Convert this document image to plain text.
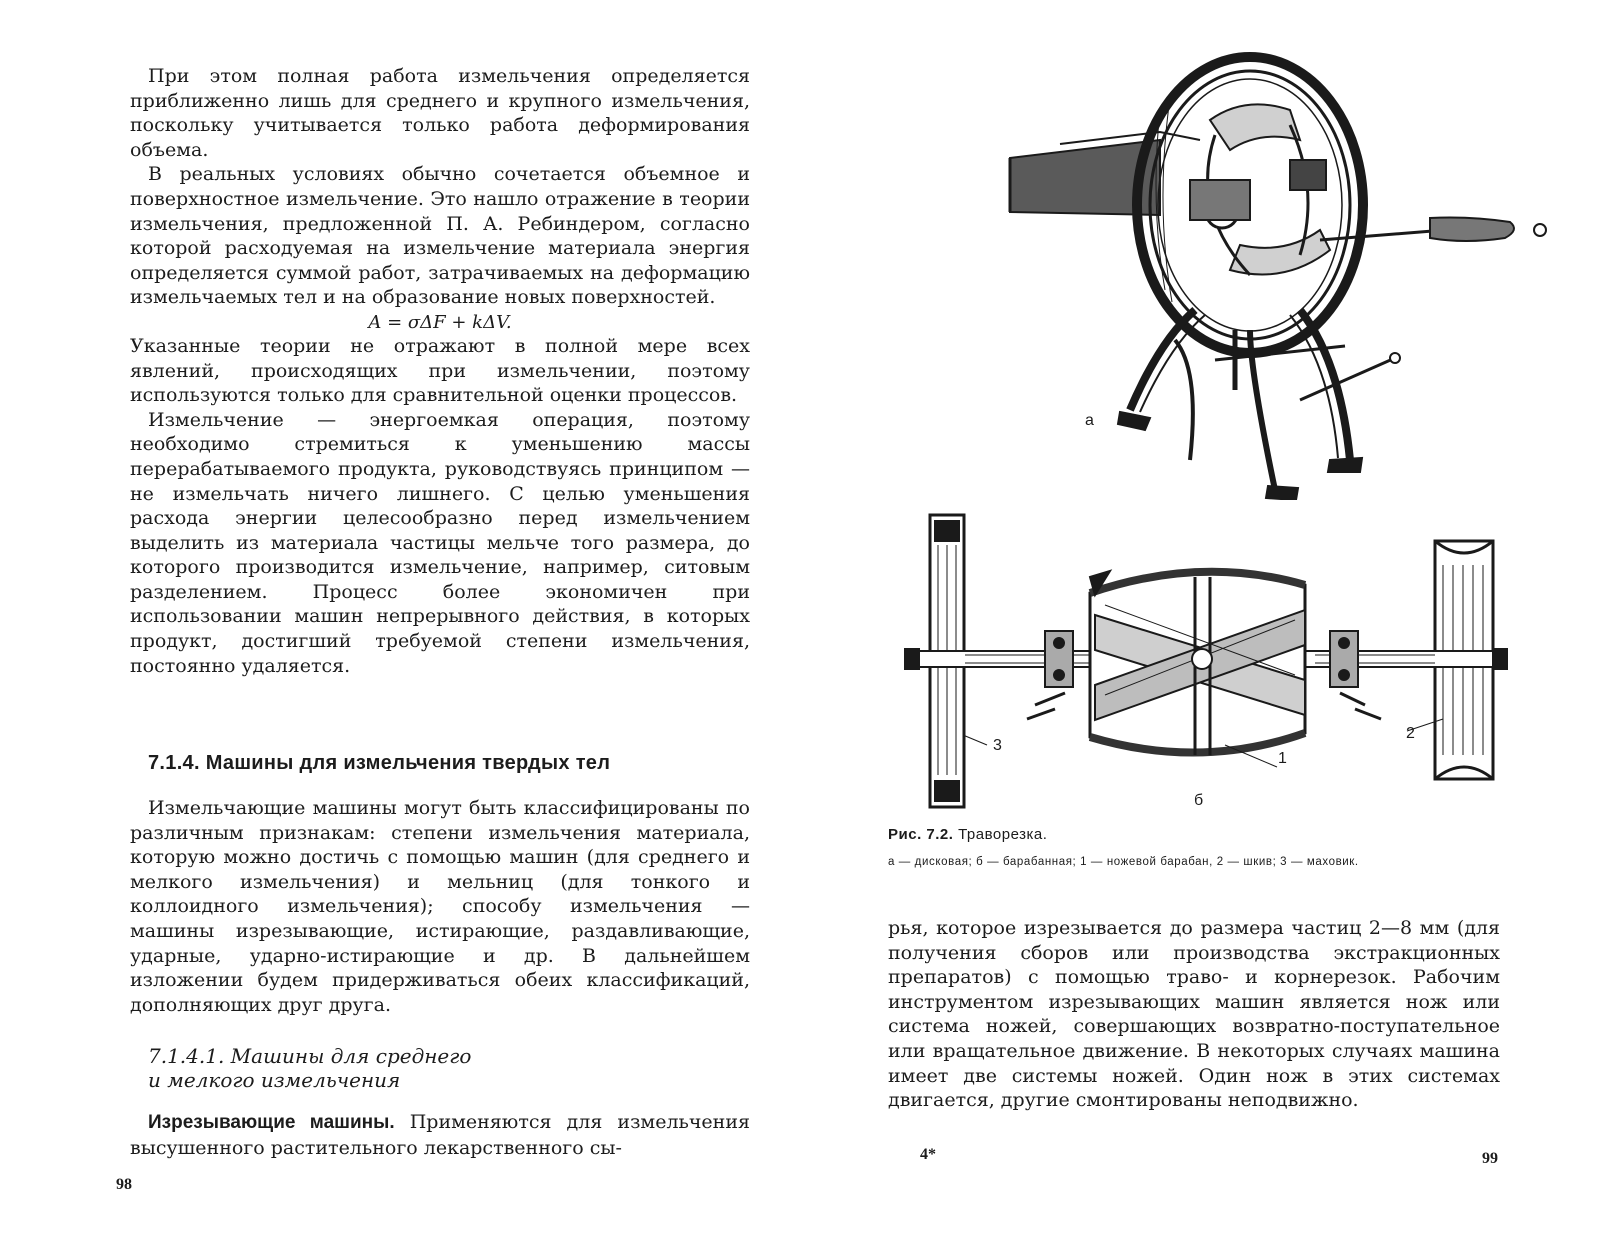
При этом полная работа измельчения определяется приближенно лишь для среднего и крупного измельчения, поскольку учитывается только работа деформирования объема.

В реальных условиях обычно сочетается объемное и поверхностное измельчение. Это нашло отражение в теории измельчения, предложенной П. А. Ребиндером, согласно которой расходуемая на измельчение материала энергия определяется суммой работ, затрачиваемых на деформацию измельчаемых тел и на образование новых поверхностей.

A = σΔF + kΔV.

Указанные теории не отражают в полной мере всех явлений, происходящих при измельчении, поэтому используются только для сравнительной оценки процессов.

Измельчение — энергоемкая операция, поэтому необходимо стремиться к уменьшению массы перерабатываемого продукта, руководствуясь принципом — не измельчать ничего лишнего. С целью уменьшения расхода энергии целесообразно перед измельчением выделить из материала частицы мельче того размера, до которого производится измельчение, например, ситовым разделением. Процесс более экономичен при использовании машин непрерывного действия, в которых продукт, достигший требуемой степени измельчения, постоянно удаляется.

7.1.4. Машины для измельчения твердых тел

Измельчающие машины могут быть классифицированы по различным признакам: степени измельчения материала, которую можно достичь с помощью машин (для среднего и мелкого измельчения) и мельниц (для тонкого и коллоидного измельчения); способу измельчения — машины изрезывающие, истирающие, раздавливающие, ударные, ударно-истирающие и др. В дальнейшем изложении будем придерживаться обеих классификаций, дополняющих друг друга.

7.1.4.1. Машины для среднего

и мелкого измельчения

Изрезывающие машины. Применяются для измельчения высушенного растительного лекарственного сы-

98
а
3
1
2
б
Рис. 7.2. Траворезка.
а — дисковая; б — барабанная; 1 — ножевой барабан, 2 — шкив; 3 — маховик.

рья, которое изрезывается до размера частиц 2—8 мм (для получения сборов или производства экстракционных препаратов) с помощью траво- и корнерезок. Рабочим инструментом изрезывающих машин является нож или система ножей, совершающих возвратно-поступательное или вращательное движение. В некоторых случаях машина имеет две системы ножей. Один нож в этих системах двигается, другие смонтированы неподвижно.

4*	99
